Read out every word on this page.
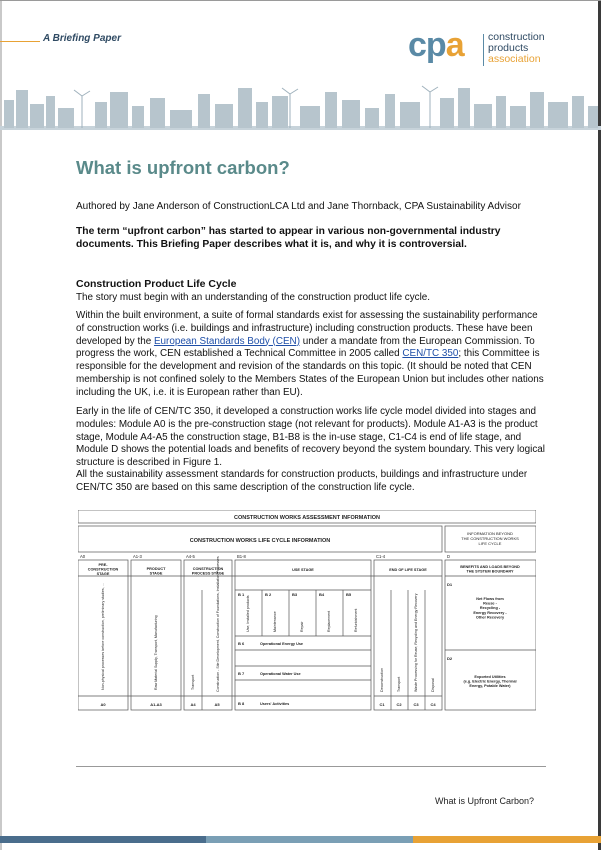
A Briefing Paper	cpa construction
products
association
What is upfront carbon?
Authored by Jane Anderson of ConstructionLCA Ltd and Jane Thornback, CPA Sustainability Advisor
The term “upfront carbon” has started to appear in various non-governmental industry documents. This Briefing Paper describes what it is, and why it is controversial.
Construction Product Life Cycle
The story must begin with an understanding of the construction product life cycle.
Within the built environment, a suite of formal standards exist for assessing the sustainability performance of construction works (i.e. buildings and infrastructure) including construction products. These have been developed by the European Standards Body (CEN) under a mandate from the European Commission. To progress the work, CEN established a Technical Committee in 2005 called CEN/TC 350; this Committee is responsible for the development and revision of the standards on this topic. (It should be noted that CEN membership is not confined solely to the Members States of the European Union but includes other nations including the UK, i.e. it is European rather than EU).
Early in the life of CEN/TC 350, it developed a construction works life cycle model divided into stages and modules: Module A0 is the pre-construction stage (not relevant for products). Module A1-A3 is the product stage, Module A4-A5 the construction stage, B1-B8 is the in-use stage, C1-C4 is end of life stage, and Module D shows the potential loads and benefits of recovery beyond the system boundary. This very logical structure is described in Figure 1.
All the sustainability assessment standards for construction products, buildings and infrastructure under CEN/TC 350 are based on this same description of the construction life cycle.
CONSTRUCTION WORKS ASSESSMENT INFORMATION
CONSTRUCTION WORKS LIFE CYCLE INFORMATION
INFORMATION BEYOND THE CONSTRUCTION WORKS LIFE CYCLE
A0	A1-3	A4-5	B1-8	C1-4	D
PRE-CONSTRUCTION STAGE
PRODUCT STAGE
CONSTRUCTION PROCESS STAGE
USE STAGE	END OF LIFE STAGE
BENEFITS AND LOADS BEYOND THE SYSTEM BOUNDARY
Non-physical processes before construction, preliminary studies, ...	Raw Material Supply, Transport, Manufacturing	Transport	Construction - Site Development, Construction of Foundations, Installation Processes	Use, Installed products	Maintenance	Repair	Replacement	Refurbishment
Deconstruction	Transport	Waste Processing for Reuse, Recycling and Energy Recovery	Disposal
B 1	B 2	B3	B4	B5
B 6
B 7
B 8
D1
D2
Operational Energy Use
Operational Water Use
Users' Activities
Net Flows from Reuse -Recycling -Energy Recovery -Other Recovery
Exported Utilities (e.g. Electric Energy, Thermal Energy, Potable Water)
A0	A1-A3	A4	A5	C1	C2	C3	C4
What is Upfront Carbon?
